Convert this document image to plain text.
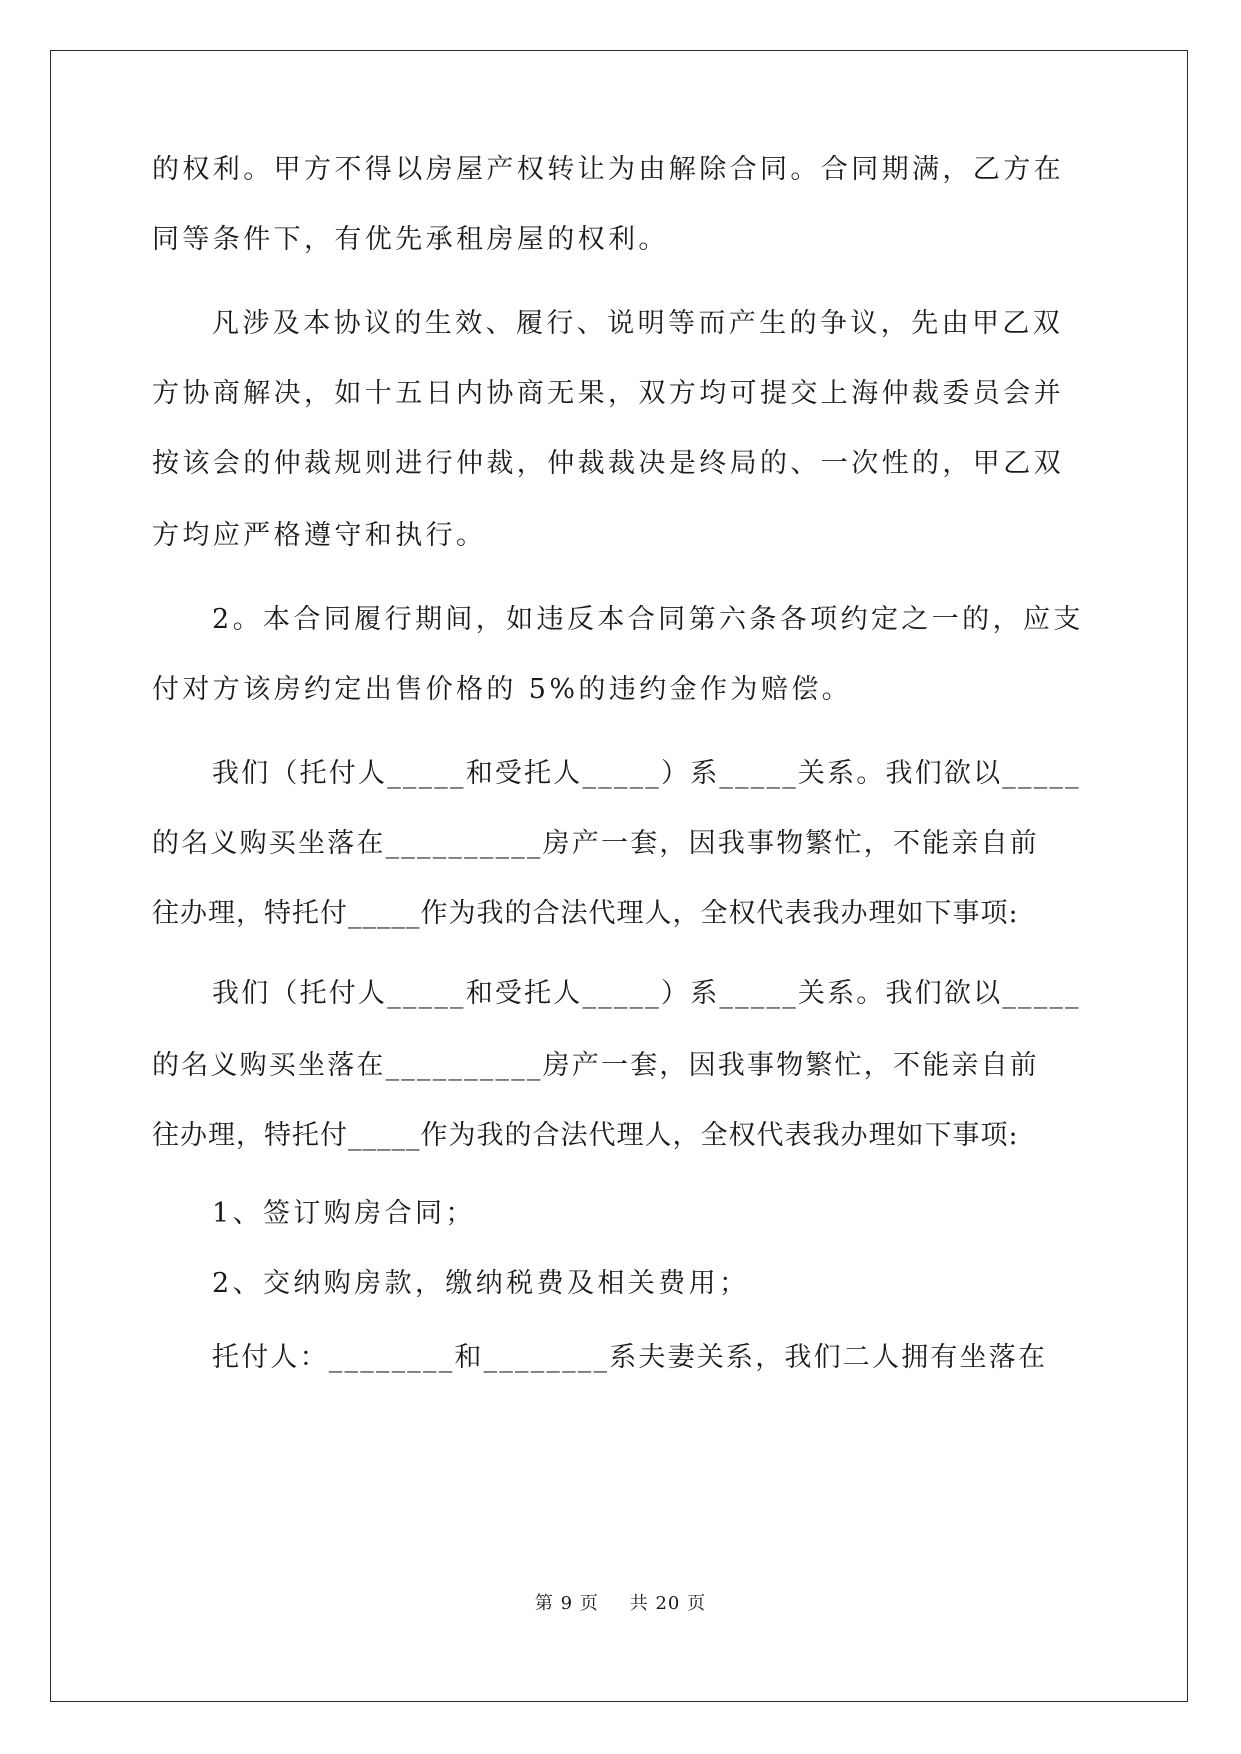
的权利。甲方不得以房屋产权转让为由解除合同。合同期满，乙方在
同等条件下，有优先承租房屋的权利。
凡涉及本协议的生效、履行、说明等而产生的争议，先由甲乙双
方协商解决，如十五日内协商无果，双方均可提交上海仲裁委员会并
按该会的仲裁规则进行仲裁，仲裁裁决是终局的、一次性的，甲乙双
方均应严格遵守和执行。
2。本合同履行期间，如违反本合同第六条各项约定之一的，应支
付对方该房约定出售价格的 5%的违约金作为赔偿。
我们（托付人_____和受托人_____）系_____关系。我们欲以_____
的名义购买坐落在__________房产一套，因我事物繁忙，不能亲自前
往办理，特托付_____作为我的合法代理人，全权代表我办理如下事项:
我们（托付人_____和受托人_____）系_____关系。我们欲以_____
的名义购买坐落在__________房产一套，因我事物繁忙，不能亲自前
往办理，特托付_____作为我的合法代理人，全权代表我办理如下事项:
1、签订购房合同；
2、交纳购房款，缴纳税费及相关费用；
托付人：________和________系夫妻关系，我们二人拥有坐落在
第 9 页 共 20 页
